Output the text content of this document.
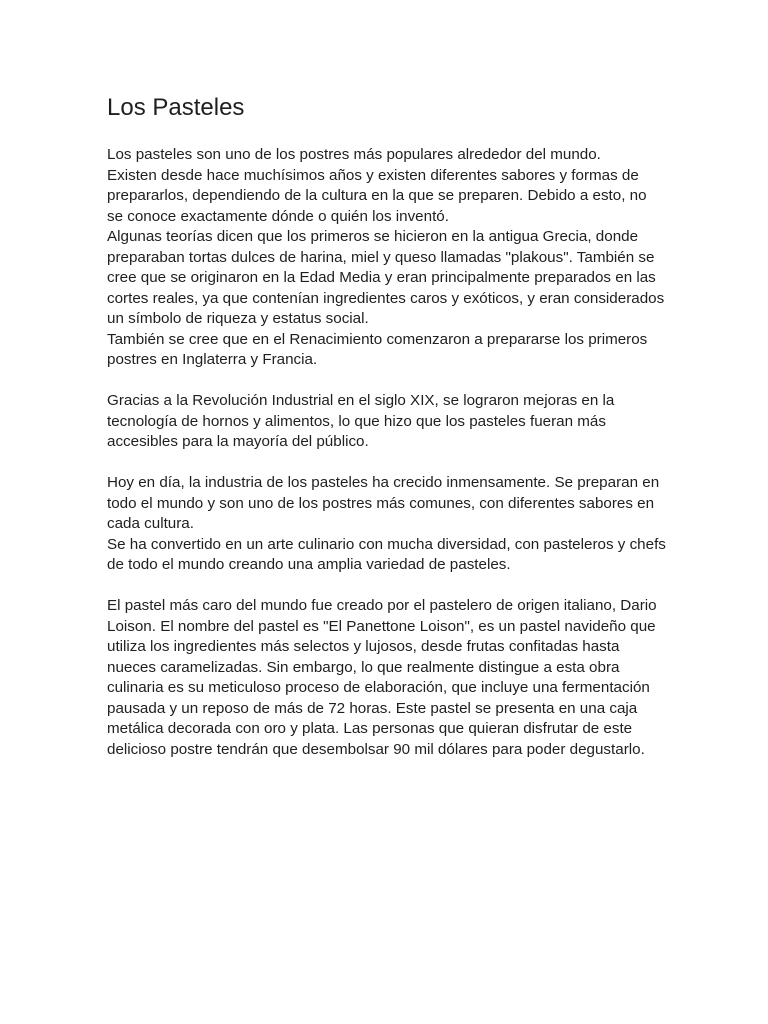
Los Pasteles

Los pasteles son uno de los postres más populares alrededor del mundo.
Existen desde hace muchísimos años y existen diferentes sabores y formas de
prepararlos, dependiendo de la cultura en la que se preparen. Debido a esto, no
se conoce exactamente dónde o quién los inventó.
Algunas teorías dicen que los primeros se hicieron en la antigua Grecia, donde
preparaban tortas dulces de harina, miel y queso llamadas "plakous". También se
cree que se originaron en la Edad Media y eran principalmente preparados en las
cortes reales, ya que contenían ingredientes caros y exóticos, y eran considerados
un símbolo de riqueza y estatus social.
También se cree que en el Renacimiento comenzaron a prepararse los primeros
postres en Inglaterra y Francia.

Gracias a la Revolución Industrial en el siglo XIX, se lograron mejoras en la
tecnología de hornos y alimentos, lo que hizo que los pasteles fueran más
accesibles para la mayoría del público.

Hoy en día, la industria de los pasteles ha crecido inmensamente. Se preparan en
todo el mundo y son uno de los postres más comunes, con diferentes sabores en
cada cultura.
Se ha convertido en un arte culinario con mucha diversidad, con pasteleros y chefs
de todo el mundo creando una amplia variedad de pasteles.

El pastel más caro del mundo fue creado por el pastelero de origen italiano, Dario
Loison. El nombre del pastel es "El Panettone Loison", es un pastel navideño que
utiliza los ingredientes más selectos y lujosos, desde frutas confitadas hasta
nueces caramelizadas. Sin embargo, lo que realmente distingue a esta obra
culinaria es su meticuloso proceso de elaboración, que incluye una fermentación
pausada y un reposo de más de 72 horas. Este pastel se presenta en una caja
metálica decorada con oro y plata. Las personas que quieran disfrutar de este
delicioso postre tendrán que desembolsar 90 mil dólares para poder degustarlo.
